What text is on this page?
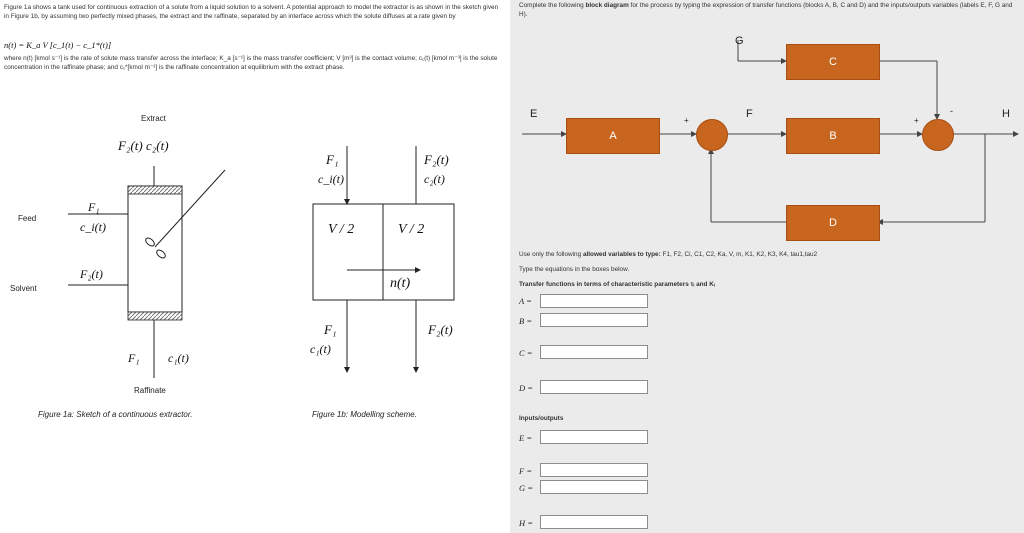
Figure 1a shows a tank used for continuous extraction of a solute from a liquid solution to a solvent. A potential approach to model the extractor is as shown in the sketch given in Figure 1b, by assuming two perfectly mixed phases, the extract and the raffinate, separated by an interface across which the solute diffuses at a rate given by
n(t) = K_a V [c_1(t) − c_1*(t)]
where n(t) [kmol s⁻¹] is the rate of solute mass transfer across the interface; K_a [s⁻¹] is the mass transfer coefficient; V [m³] is the contact volume; c₁(t) [kmol m⁻³] is the solute concentration in the raffinate phase; and c₁*[kmol m⁻³] is the raffinate concentration at equilibrium with the extract phase.
Extract
F₂(t) c₂(t)
Feed
F₁
c_i(t)
Solvent
F₂(t)
F₁ c₁(t)
Raffinate
Figure 1a: Sketch of a continuous extractor.
F₁
c_i(t)
F₂(t)
c₂(t)
V / 2	V / 2
n(t)
F₁
c₁(t)
F₂(t)
Figure 1b: Modelling scheme.
Complete the following block diagram for the process by typing the expression of transfer functions (blocks A, B, C and D) and the inputs/outputs variables (labels E, F, G and H).
A	B
C
D
E	F
G
H
+	+
-
Use only the following allowed variables to type: F1, F2, Ci, C1, C2, Ka, V, m, K1, K2, K3, K4, tau1,tau2
Type the equations in the boxes below.
Transfer functions in terms of characteristic parameters τᵢ and Kᵢ
A =
B =
C =
D =
Inputs/outputs
E =
F =
G =
H =
